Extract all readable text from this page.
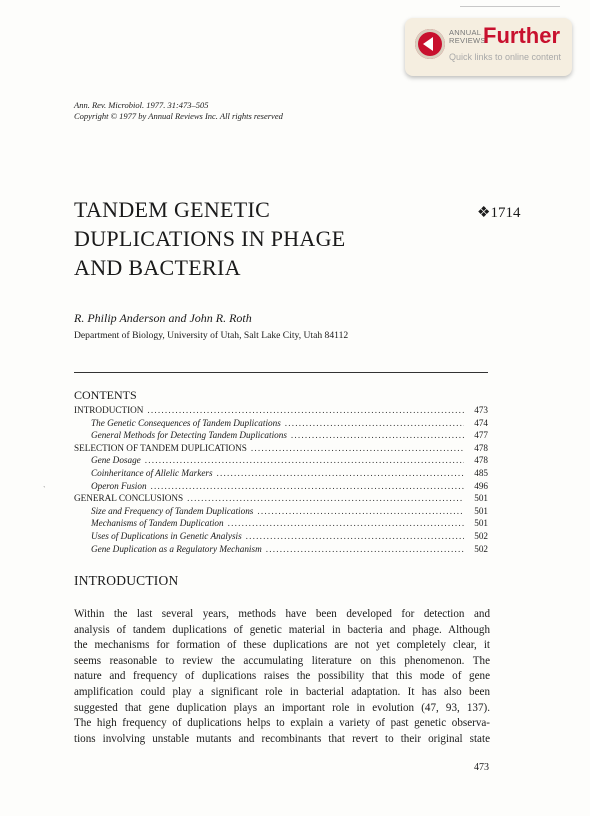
ANNUAL
REVIEWS
Further
Quick links to online content
Ann. Rev. Microbiol. 1977. 31:473–505
Copyright © 1977 by Annual Reviews Inc. All rights reserved
TANDEM GENETIC
DUPLICATIONS IN PHAGE
AND BACTERIA
❖1714
R. Philip Anderson and John R. Roth
Department of Biology, University of Utah, Salt Lake City, Utah 84112
CONTENTS
INTRODUCTION .....	473
The Genetic Consequences of Tandem Duplications .....	474
General Methods for Detecting Tandem Duplications .....	477
SELECTION OF TANDEM DUPLICATIONS .....	478
Gene Dosage .....	478
Coinheritance of Allelic Markers .....	485
Operon Fusion .....	496
GENERAL CONCLUSIONS .....	501
Size and Frequency of Tandem Duplications .....	501
Mechanisms of Tandem Duplication .....	501
Uses of Duplications in Genetic Analysis .....	502
Gene Duplication as a Regulatory Mechanism .....	502
`
INTRODUCTION
Within the last several years, methods have been developed for detection and
analysis of tandem duplications of genetic material in bacteria and phage. Although
the mechanisms for formation of these duplications are not yet completely clear, it
seems reasonable to review the accumulating literature on this phenomenon. The
nature and frequency of duplications raises the possibility that this mode of gene
amplification could play a significant role in bacterial adaptation. It has also been
suggested that gene duplication plays an important role in evolution (47, 93, 137).
The high frequency of duplications helps to explain a variety of past genetic observa-
tions involving unstable mutants and recombinants that revert to their original state
473
